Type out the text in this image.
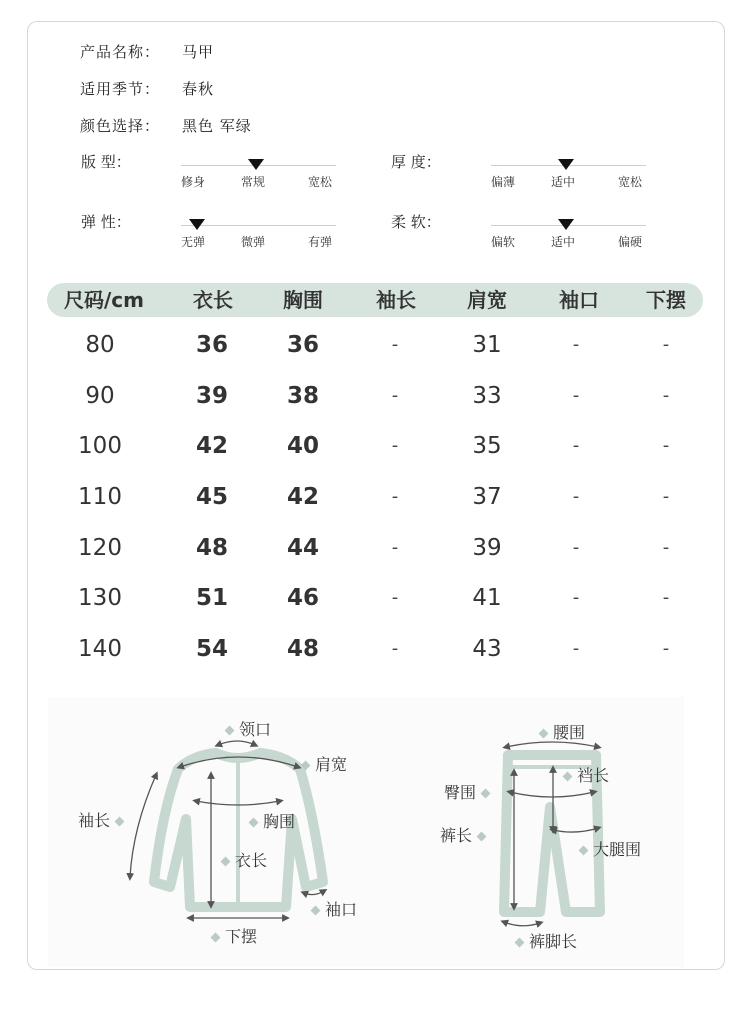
产品名称： 马甲
适用季节： 春秋
颜色选择： 黑色 军绿
版 型：
修身	常规	宽松
厚 度：
偏薄	适中	宽松
弹 性：
无弹	微弹	有弹
柔 软：
偏软	适中	偏硬
尺码/cm 衣长	胸围	袖长	肩宽	袖口 下摆
80	36	36	-	31	-	-
90	39	38	-	33	-	-
100	42	40	-	35	-	-
110	45	42	-	37	-	-
120	48	44	-	39	-	-
130	51	46	-	41	-	-
140	54	48	-	43	-	-
领口
肩宽
袖长	胸围
衣长
袖口
下摆
腰围
裆长
臀围
裤长
大腿围
裤脚长
